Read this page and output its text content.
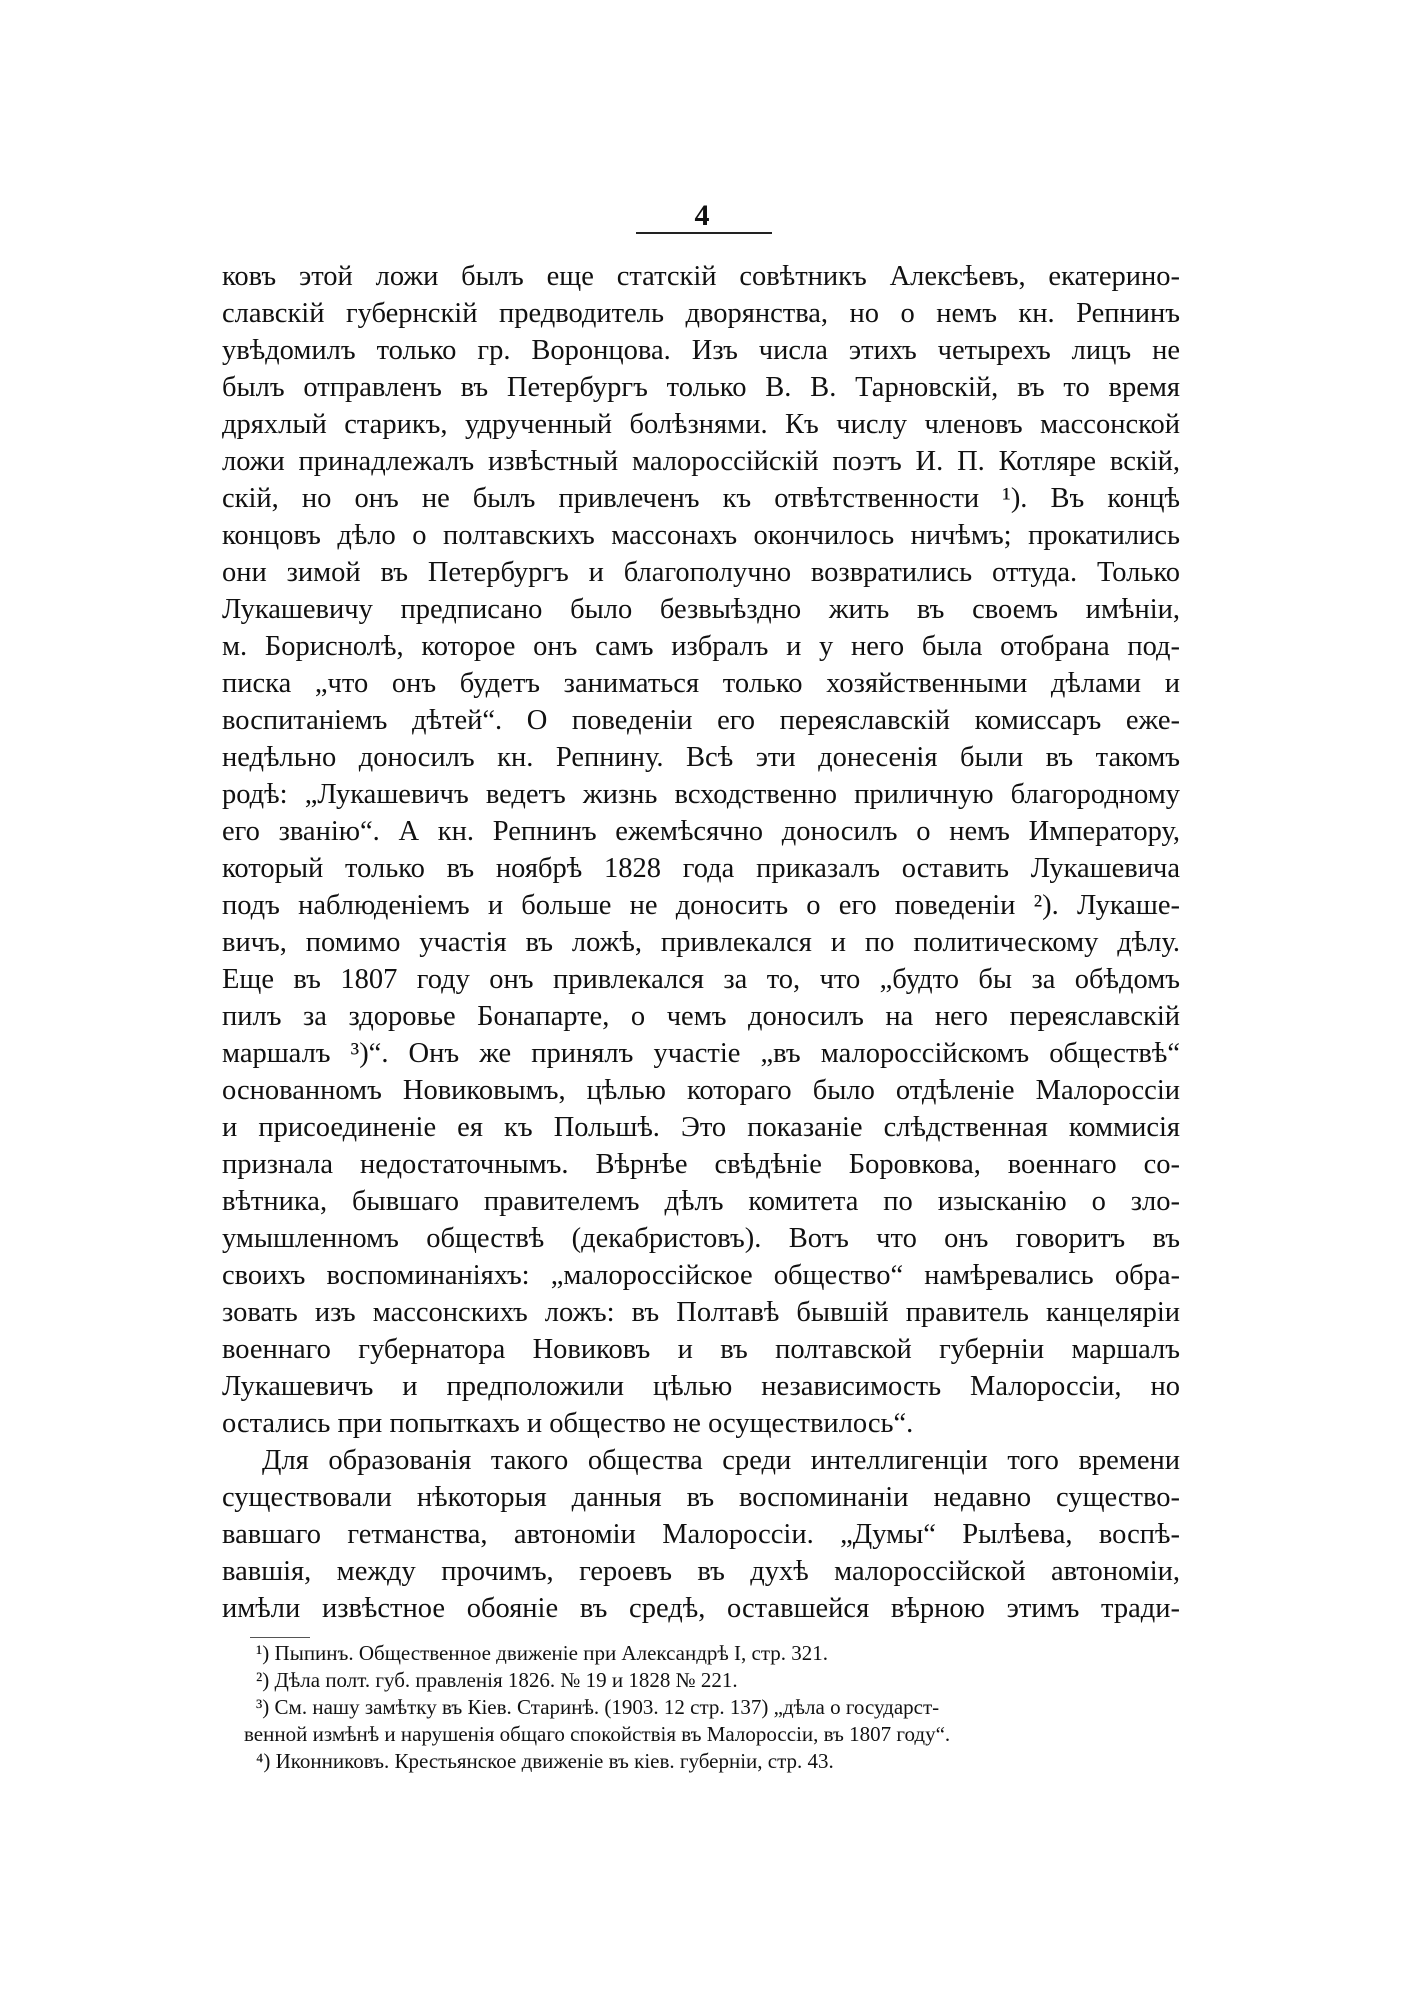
4
ковъ этой ложи былъ еще статскій совѣтникъ Алексѣевъ, екатерино-
славскій губернскій предводитель дворянства, но о немъ кн. Репнинъ
увѣдомилъ только гр. Воронцова. Изъ числа этихъ четырехъ лицъ не
былъ отправленъ въ Петербургъ только В. В. Тарновскій, въ то время
дряхлый старикъ, удрученный болѣзнями. Къ числу членовъ массонской
ложи принадлежалъ извѣстный малороссійскій поэтъ И. П. Котляре вскій,
скій, но онъ не былъ привлеченъ къ отвѣтственности ¹). Въ концѣ
концовъ дѣло о полтавскихъ массонахъ окончилось ничѣмъ; прокатились
они зимой въ Петербургъ и благополучно возвратились оттуда. Только
Лукашевичу предписано было безвыѣздно жить въ своемъ имѣніи,
м. Бориснолѣ, которое онъ самъ избралъ и у него была отобрана под-
писка „что онъ будетъ заниматься только хозяйственными дѣлами и
воспитаніемъ дѣтей“. О поведеніи его переяславскій комиссаръ еже-
недѣльно доносилъ кн. Репнину. Всѣ эти донесенія были въ такомъ
родѣ: „Лукашевичъ ведетъ жизнь всходственно приличную благородному
его званію“. А кн. Репнинъ ежемѣсячно доносилъ о немъ Императору,
который только въ ноябрѣ 1828 года приказалъ оставить Лукашевича
подъ наблюденіемъ и больше не доносить о его поведеніи ²). Лукаше-
вичъ, помимо участія въ ложѣ, привлекался и по политическому дѣлу.
Еще въ 1807 году онъ привлекался за то, что „будто бы за обѣдомъ
пилъ за здоровье Бонапарте, о чемъ доносилъ на него переяславскій
маршалъ ³)“. Онъ же принялъ участіе „въ малороссійскомъ обществѣ“
основанномъ Новиковымъ, цѣлью котораго было отдѣленіе Малороссіи
и присоединеніе ея къ Польшѣ. Это показаніе слѣдственная коммисія
признала недостаточнымъ. Вѣрнѣе свѣдѣніе Боровкова, военнаго со-
вѣтника, бывшаго правителемъ дѣлъ комитета по изысканію о зло-
умышленномъ обществѣ (декабристовъ). Вотъ что онъ говоритъ въ
своихъ воспоминаніяхъ: „малороссійское общество“ намѣревались обра-
зовать изъ массонскихъ ложъ: въ Полтавѣ бывшій правитель канцеляріи
военнаго губернатора Новиковъ и въ полтавской губерніи маршалъ
Лукашевичъ и предположили цѣлью независимость Малороссіи, но
остались при попыткахъ и общество не осуществилось“.
Для образованія такого общества среди интеллигенціи того времени
существовали нѣкоторыя данныя въ воспоминаніи недавно существо-
вавшаго гетманства, автономіи Малороссіи. „Думы“ Рылѣева, воспѣ-
вавшія, между прочимъ, героевъ въ духѣ малороссійской автономіи,
имѣли извѣстное обояніе въ средѣ, оставшейся вѣрною этимъ тради-
¹) Пыпинъ. Общественное движеніе при Александрѣ I, стр. 321.
²) Дѣла полт. губ. правленія 1826. № 19 и 1828 № 221.
³) См. нашу замѣтку въ Кіев. Старинѣ. (1903. 12 стр. 137) „дѣла о государст-
венной измѣнѣ и нарушенія общаго спокойствія въ Малороссіи, въ 1807 году“.
⁴) Иконниковъ. Крестьянское движеніе въ кіев. губерніи, стр. 43.
